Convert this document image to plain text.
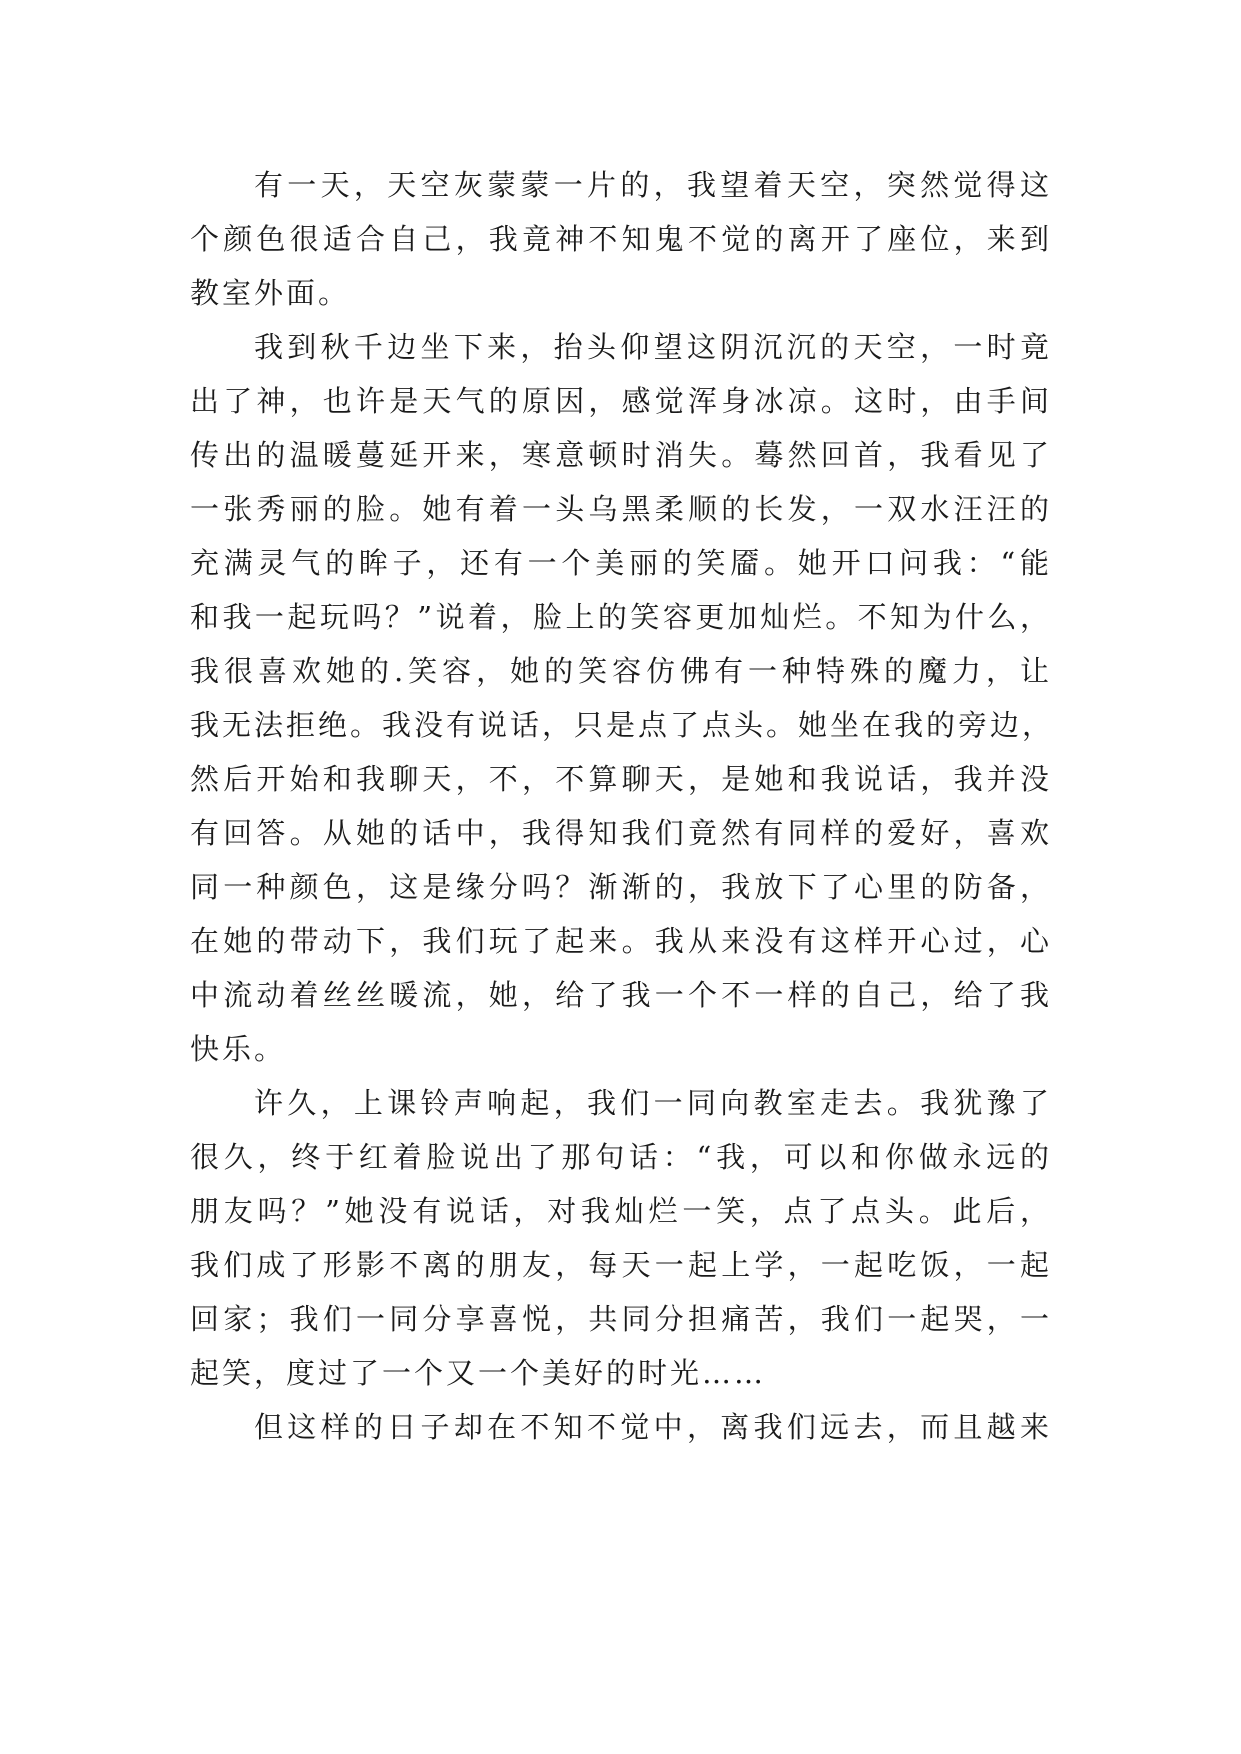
有一天，天空灰蒙蒙一片的，我望着天空，突然觉得这
个颜色很适合自己，我竟神不知鬼不觉的离开了座位，来到
教室外面。
我到秋千边坐下来，抬头仰望这阴沉沉的天空，一时竟
出了神，也许是天气的原因，感觉浑身冰凉。这时，由手间
传出的温暖蔓延开来，寒意顿时消失。蓦然回首，我看见了
一张秀丽的脸。她有着一头乌黑柔顺的长发，一双水汪汪的
充满灵气的眸子，还有一个美丽的笑靥。她开口问我：“能
和我一起玩吗？”说着，脸上的笑容更加灿烂。不知为什么，
我很喜欢她的.笑容，她的笑容仿佛有一种特殊的魔力，让
我无法拒绝。我没有说话，只是点了点头。她坐在我的旁边，
然后开始和我聊天，不，不算聊天，是她和我说话，我并没
有回答。从她的话中，我得知我们竟然有同样的爱好，喜欢
同一种颜色，这是缘分吗？渐渐的，我放下了心里的防备，
在她的带动下，我们玩了起来。我从来没有这样开心过，心
中流动着丝丝暖流，她，给了我一个不一样的自己，给了我
快乐。
许久，上课铃声响起，我们一同向教室走去。我犹豫了
很久，终于红着脸说出了那句话：“我，可以和你做永远的
朋友吗？”她没有说话，对我灿烂一笑，点了点头。此后，
我们成了形影不离的朋友，每天一起上学，一起吃饭，一起
回家；我们一同分享喜悦，共同分担痛苦，我们一起哭，一
起笑，度过了一个又一个美好的时光……
但这样的日子却在不知不觉中，离我们远去，而且越来
